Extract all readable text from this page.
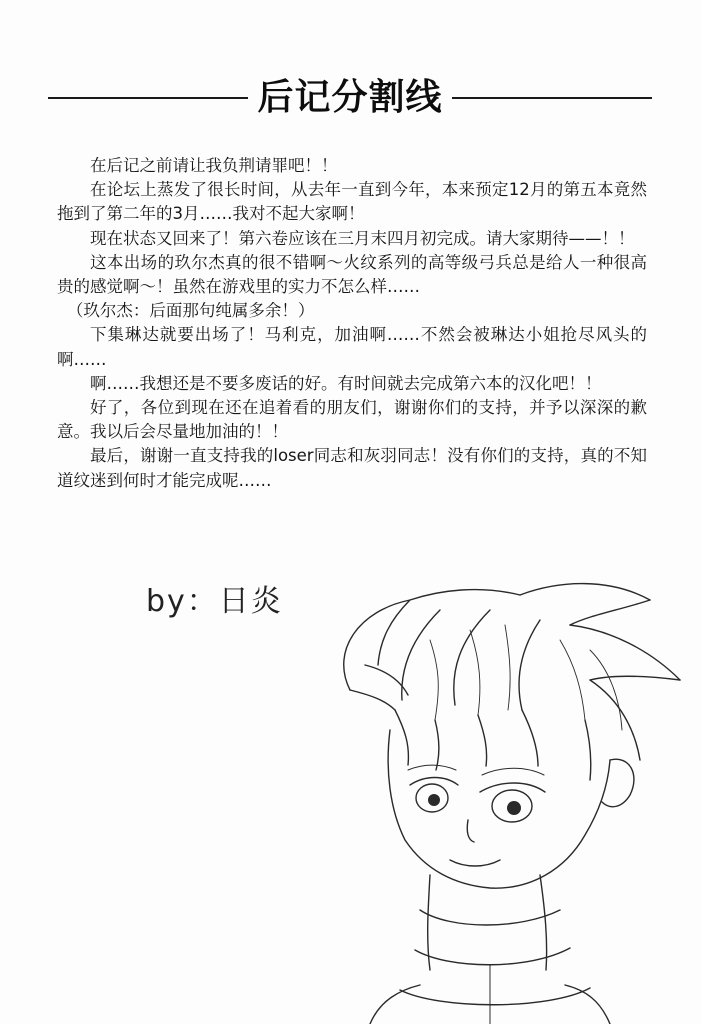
后记分割线

在后记之前请让我负荆请罪吧！！

在论坛上蒸发了很长时间，从去年一直到今年，本来预定12月的第五本竟然拖到了第二年的3月……我对不起大家啊！

现在状态又回来了！第六卷应该在三月末四月初完成。请大家期待——！！

这本出场的玖尔杰真的很不错啊～火纹系列的高等级弓兵总是给人一种很高贵的感觉啊～！虽然在游戏里的实力不怎么样……

（玖尔杰：后面那句纯属多余！）

下集琳达就要出场了！马利克，加油啊……不然会被琳达小姐抢尽风头的啊……

啊……我想还是不要多废话的好。有时间就去完成第六本的汉化吧！！

好了，各位到现在还在追着看的朋友们，谢谢你们的支持，并予以深深的歉意。我以后会尽量地加油的！！

最后，谢谢一直支持我的loser同志和灰羽同志！没有你们的支持，真的不知道纹迷到何时才能完成呢……

by：日炎
